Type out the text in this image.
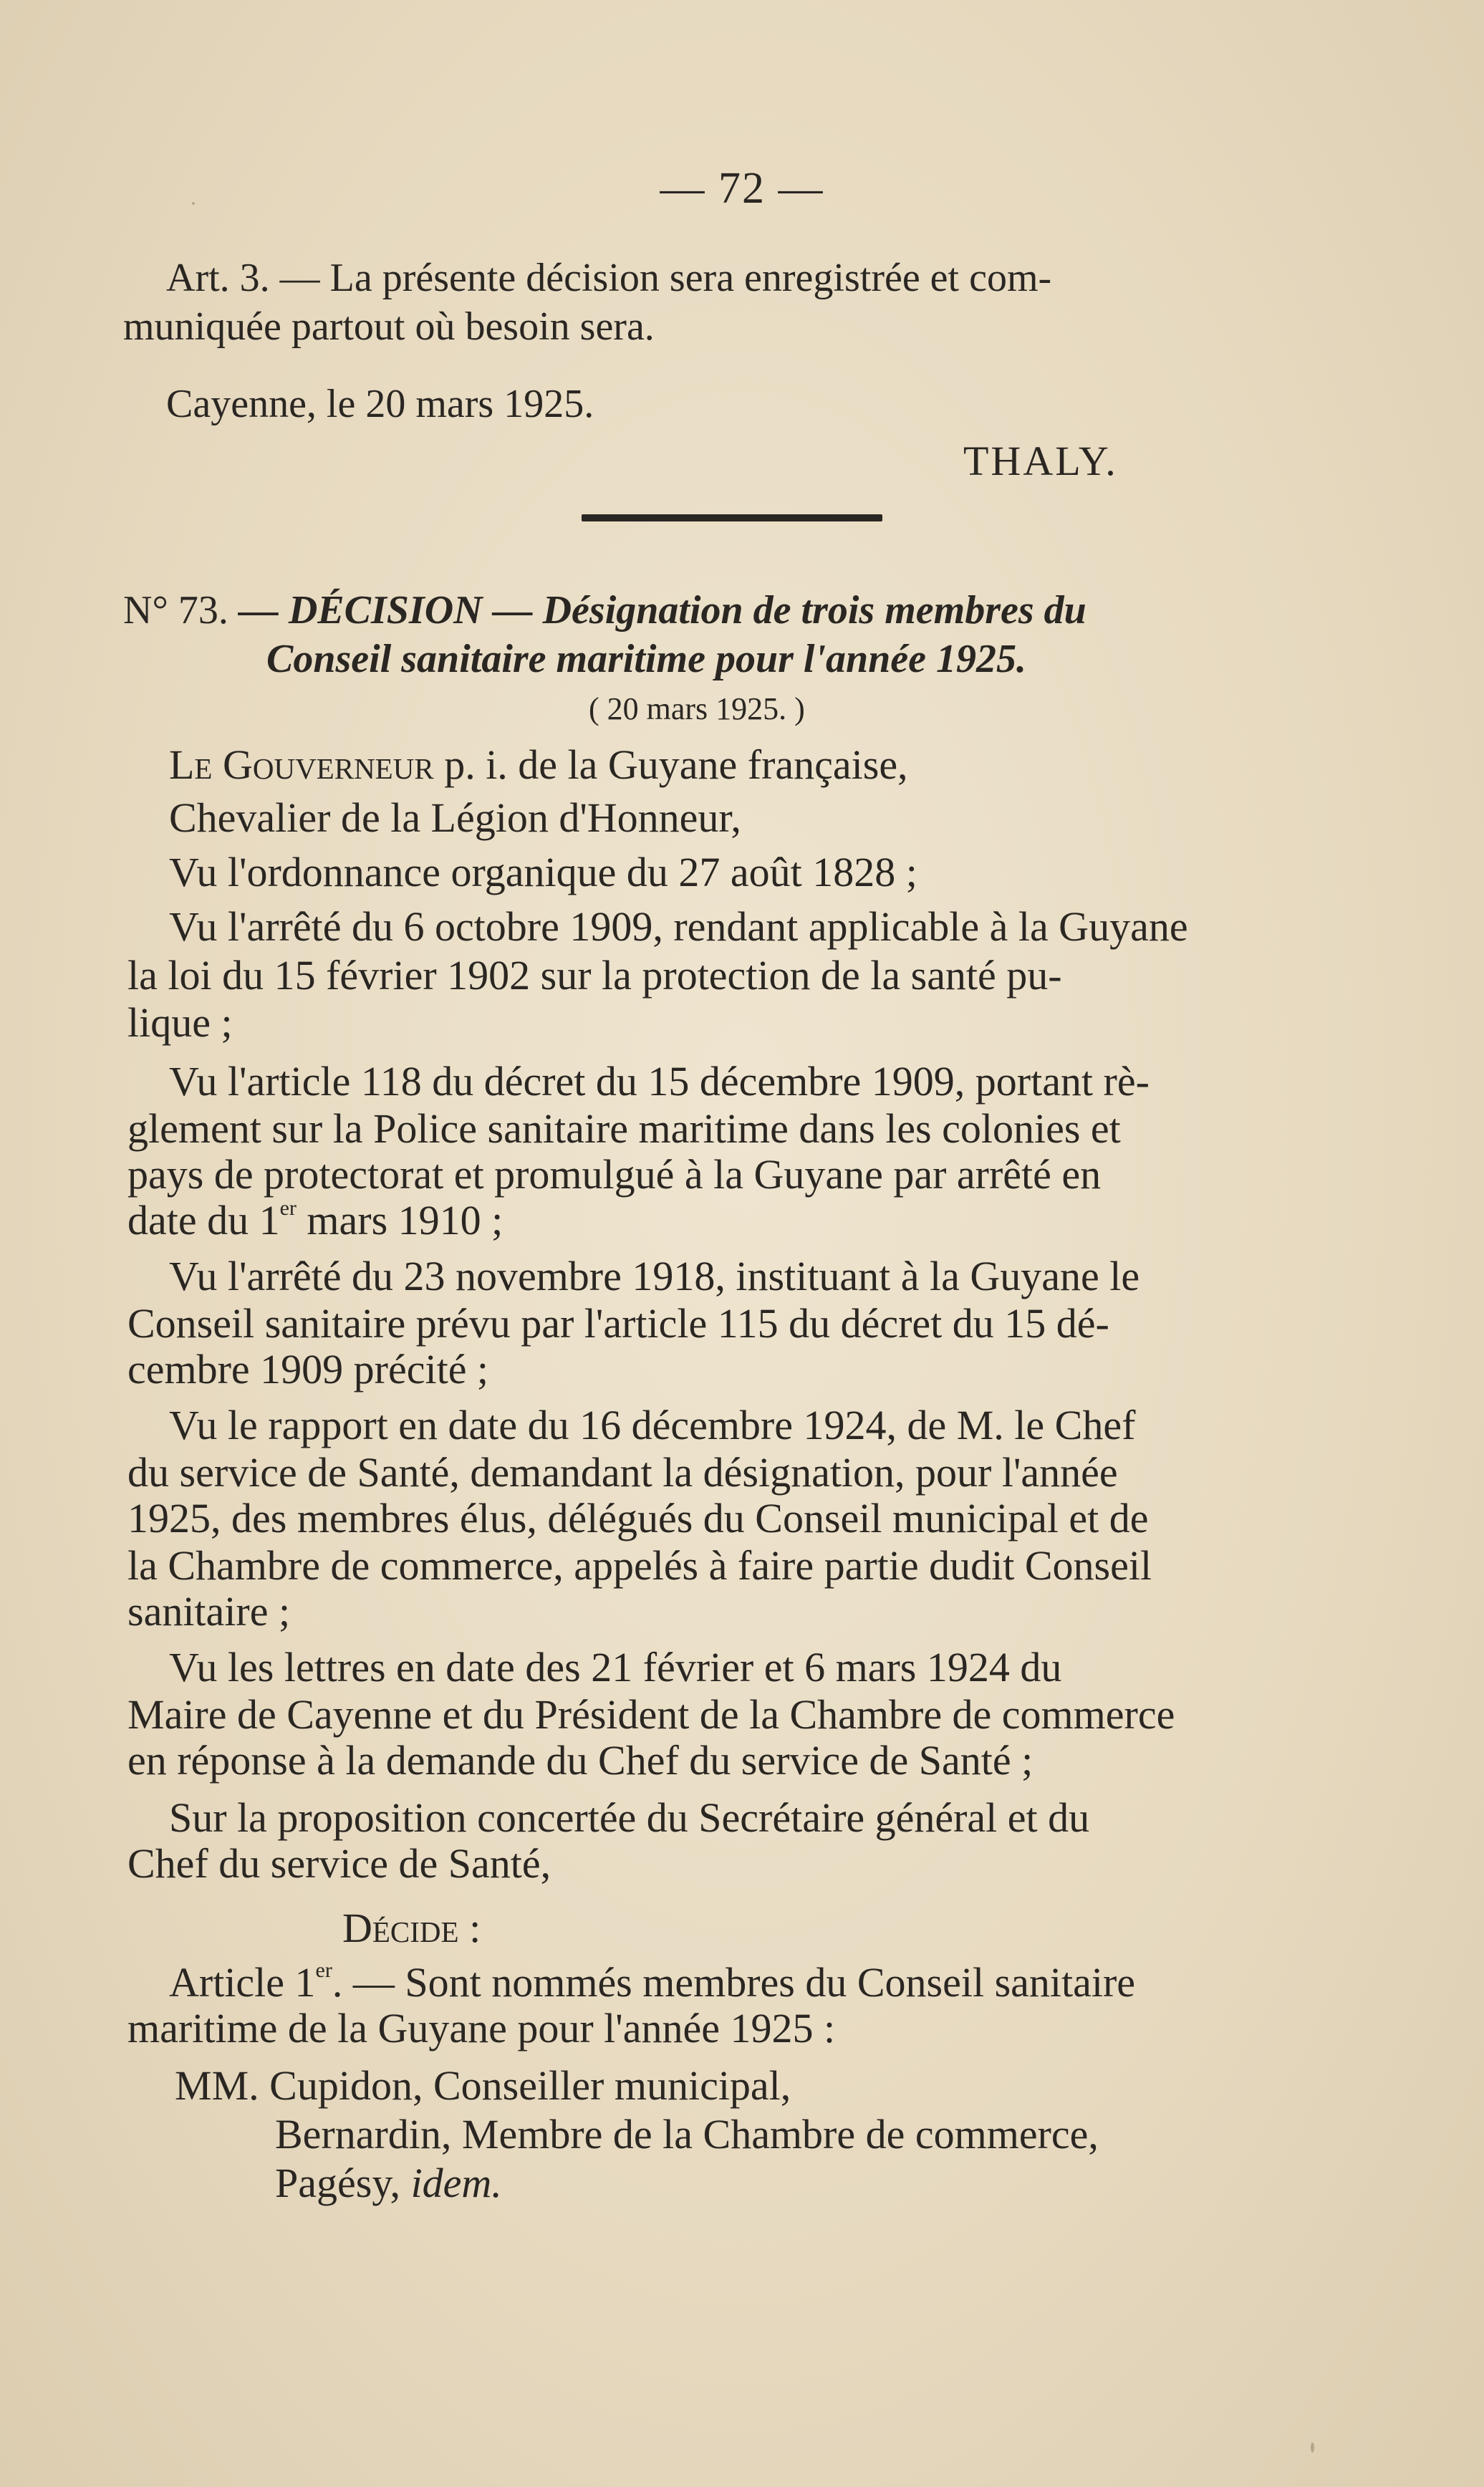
— 72 —
Art. 3. — La présente décision sera enregistrée et com-
muniquée partout où besoin sera.
Cayenne, le 20 mars 1925.
THALY.
N° 73. — DÉCISION — Désignation de trois membres du
Conseil sanitaire maritime pour l'année 1925.
( 20 mars 1925. )
Le Gouverneur p. i. de la Guyane française,
Chevalier de la Légion d'Honneur,
Vu l'ordonnance organique du 27 août 1828 ;
Vu l'arrêté du 6 octobre 1909, rendant applicable à la Guyane
la loi du 15 février 1902 sur la protection de la santé pu-
lique ;
Vu l'article 118 du décret du 15 décembre 1909, portant rè-
glement sur la Police sanitaire maritime dans les colonies et
pays de protectorat et promulgué à la Guyane par arrêté en
date du 1er mars 1910 ;
Vu l'arrêté du 23 novembre 1918, instituant à la Guyane le
Conseil sanitaire prévu par l'article 115 du décret du 15 dé-
cembre 1909 précité ;
Vu le rapport en date du 16 décembre 1924, de M. le Chef
du service de Santé, demandant la désignation, pour l'année
1925, des membres élus, délégués du Conseil municipal et de
la Chambre de commerce, appelés à faire partie dudit Conseil
sanitaire ;
Vu les lettres en date des 21 février et 6 mars 1924 du
Maire de Cayenne et du Président de la Chambre de commerce
en réponse à la demande du Chef du service de Santé ;
Sur la proposition concertée du Secrétaire général et du
Chef du service de Santé,
Décide :
Article 1er. — Sont nommés membres du Conseil sanitaire
maritime de la Guyane pour l'année 1925 :
MM. Cupidon, Conseiller municipal,
Bernardin, Membre de la Chambre de commerce,
Pagésy, idem.
